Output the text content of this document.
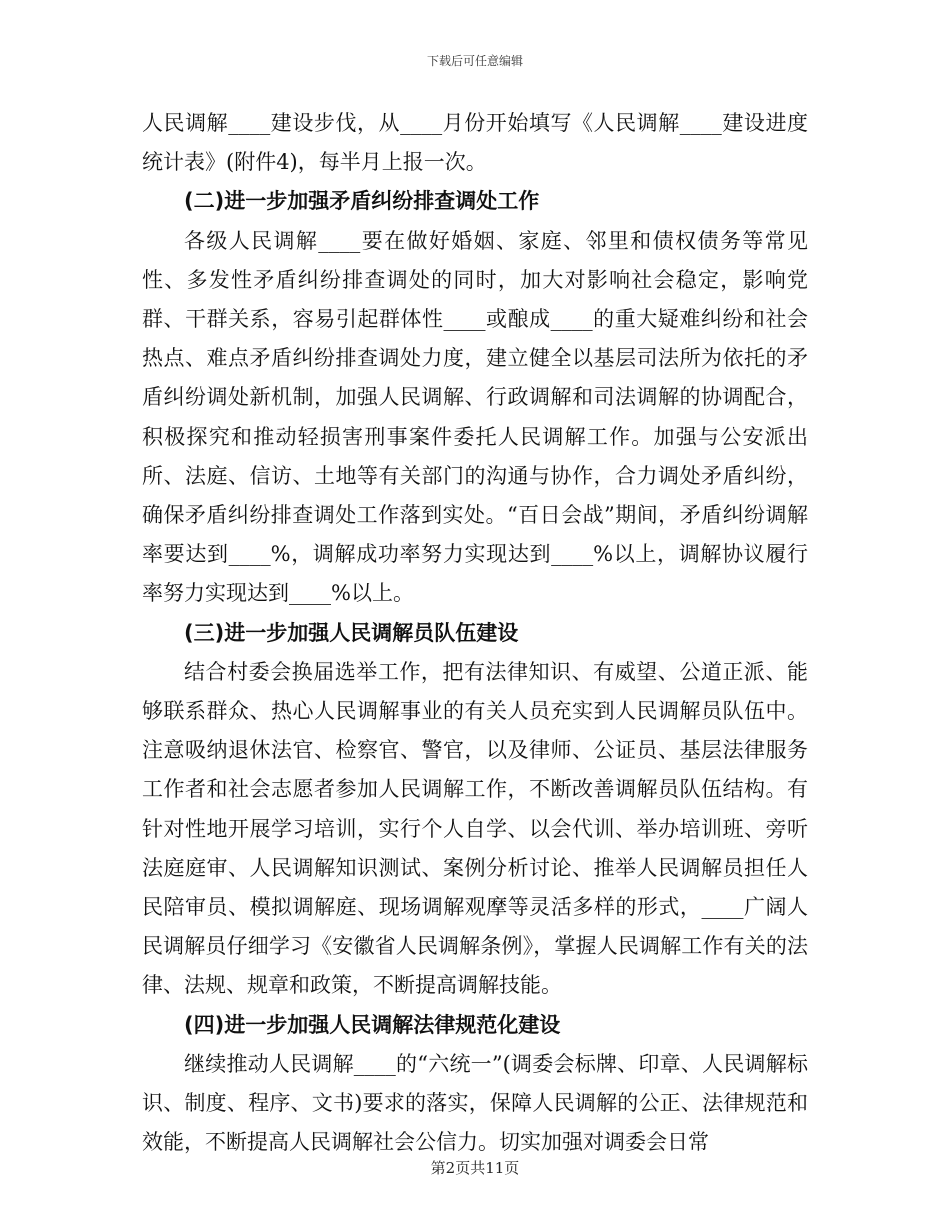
下载后可任意编辑

人民调解____建设步伐，从____月份开始填写《人民调解____建设进度统计表》(附件4)，每半月上报一次。

(二)进一步加强矛盾纠纷排查调处工作

各级人民调解____要在做好婚姻、家庭、邻里和债权债务等常见性、多发性矛盾纠纷排查调处的同时，加大对影响社会稳定，影响党群、干群关系，容易引起群体性____或酿成____的重大疑难纠纷和社会热点、难点矛盾纠纷排查调处力度，建立健全以基层司法所为依托的矛盾纠纷调处新机制，加强人民调解、行政调解和司法调解的协调配合，积极探究和推动轻损害刑事案件委托人民调解工作。加强与公安派出所、法庭、信访、土地等有关部门的沟通与协作，合力调处矛盾纠纷，确保矛盾纠纷排查调处工作落到实处。“百日会战”期间，矛盾纠纷调解率要达到____%，调解成功率努力实现达到____%以上，调解协议履行率努力实现达到____%以上。

(三)进一步加强人民调解员队伍建设

结合村委会换届选举工作，把有法律知识、有威望、公道正派、能够联系群众、热心人民调解事业的有关人员充实到人民调解员队伍中。注意吸纳退休法官、检察官、警官，以及律师、公证员、基层法律服务工作者和社会志愿者参加人民调解工作，不断改善调解员队伍结构。有针对性地开展学习培训，实行个人自学、以会代训、举办培训班、旁听法庭庭审、人民调解知识测试、案例分析讨论、推举人民调解员担任人民陪审员、模拟调解庭、现场调解观摩等灵活多样的形式，____广阔人民调解员仔细学习《安徽省人民调解条例》，掌握人民调解工作有关的法律、法规、规章和政策，不断提高调解技能。

(四)进一步加强人民调解法律规范化建设

继续推动人民调解____的“六统一”(调委会标牌、印章、人民调解标识、制度、程序、文书)要求的落实，保障人民调解的公正、法律规范和效能，不断提高人民调解社会公信力。切实加强对调委会日常

第2页共11页
